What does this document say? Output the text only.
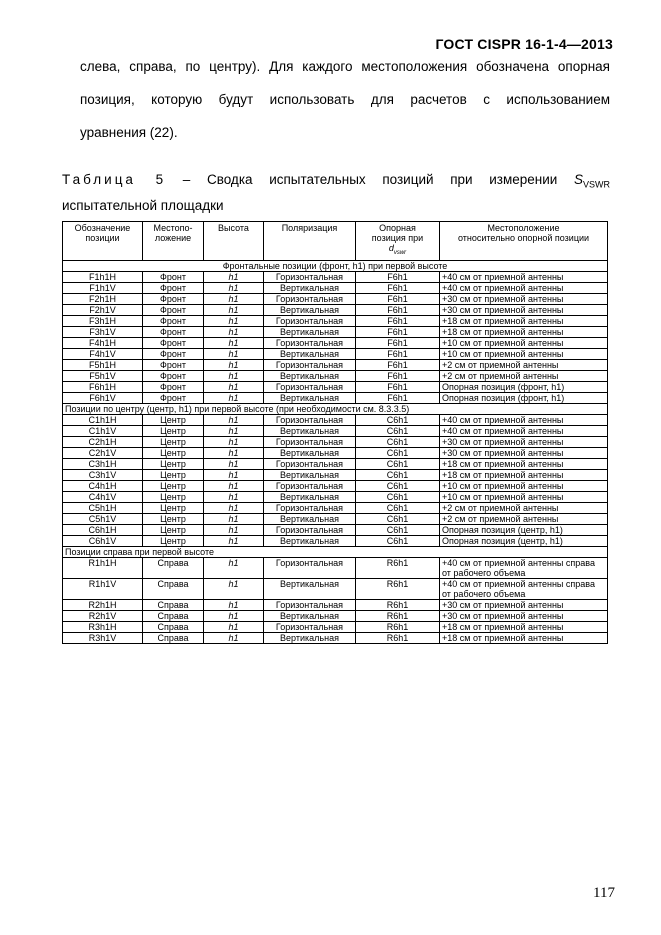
ГОСТ CISPR 16-1-4—2013
слева, справа, по центру). Для каждого местоположения обозначена опорная
позиция, которую будут использовать для расчетов с использованием
уравнения (22).
Таблица 5 – Сводка испытательных позиций при измерении $S_{VSWR}$
испытательной площадки
Обозначение
позиции	Местопо-
ложение	Высота	Поляризация	Опорная
позиция при
$d_{vswr}$	Местоположение
относительно опорной позиции
Фронтальные позиции (фронт, h1) при первой высоте					
F1h1H	Фронт	h1	Горизонтальная	F6h1	+40 см от приемной антенны
F1h1V	Фронт	h1	Вертикальная	F6h1	+40 см от приемной антенны
F2h1H	Фронт	h1	Горизонтальная	F6h1	+30 см от приемной антенны
F2h1V	Фронт	h1	Вертикальная	F6h1	+30 см от приемной антенны
F3h1H	Фронт	h1	Горизонтальная	F6h1	+18 см от приемной антенны
F3h1V	Фронт	h1	Вертикальная	F6h1	+18 см от приемной антенны
F4h1H	Фронт	h1	Горизонтальная	F6h1	+10 см от приемной антенны
F4h1V	Фронт	h1	Вертикальная	F6h1	+10 см от приемной антенны
F5h1H	Фронт	h1	Горизонтальная	F6h1	+2 см от приемной антенны
F5h1V	Фронт	h1	Вертикальная	F6h1	+2 см от приемной антенны
F6h1H	Фронт	h1	Горизонтальная	F6h1	Опорная позиция (фронт, h1)
F6h1V	Фронт	h1	Вертикальная	F6h1	Опорная позиция (фронт, h1)
Позиции по центру (центр, h1) при первой высоте (при необходимости см. 8.3.3.5)					
C1h1H	Центр	h1	Горизонтальная	C6h1	+40 см от приемной антенны
C1h1V	Центр	h1	Вертикальная	C6h1	+40 см от приемной антенны
C2h1H	Центр	h1	Горизонтальная	C6h1	+30 см от приемной антенны
C2h1V	Центр	h1	Вертикальная	C6h1	+30 см от приемной антенны
C3h1H	Центр	h1	Горизонтальная	C6h1	+18 см от приемной антенны
C3h1V	Центр	h1	Вертикальная	C6h1	+18 см от приемной антенны
C4h1H	Центр	h1	Горизонтальная	C6h1	+10 см от приемной антенны
C4h1V	Центр	h1	Вертикальная	C6h1	+10 см от приемной антенны
C5h1H	Центр	h1	Горизонтальная	C6h1	+2 см от приемной антенны
C5h1V	Центр	h1	Вертикальная	C6h1	+2 см от приемной антенны
C6h1H	Центр	h1	Горизонтальная	C6h1	Опорная позиция (центр, h1)
C6h1V	Центр	h1	Вертикальная	C6h1	Опорная позиция (центр, h1)
Позиции справа при первой высоте					
R1h1H	Справа	h1	Горизонтальная	R6h1	+40 см от приемной антенны справа от рабочего объема
R1h1V	Справа	h1	Вертикальная	R6h1	+40 см от приемной антенны справа от рабочего объема
R2h1H	Справа	h1	Горизонтальная	R6h1	+30 см от приемной антенны
R2h1V	Справа	h1	Вертикальная	R6h1	+30 см от приемной антенны
R3h1H	Справа	h1	Горизонтальная	R6h1	+18 см от приемной антенны
R3h1V	Справа	h1	Вертикальная	R6h1	+18 см от приемной антенны
117
